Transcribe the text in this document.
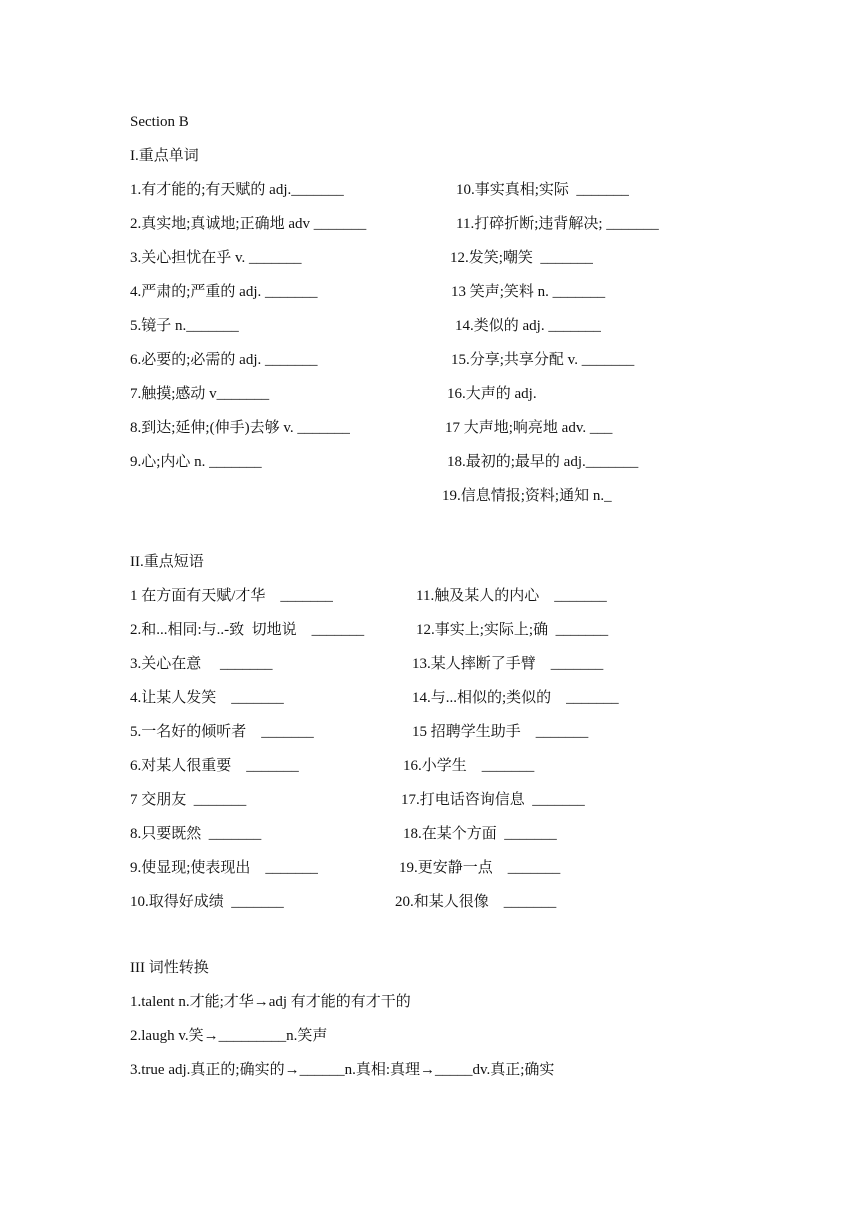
Section B
I.重点单词
1.有才能的;有天赋的 adj._______
2.真实地;真诚地;正确地 adv _______
3.关心担忧在乎 v. _______
4.严肃的;严重的 adj. _______
5.镜子 n._______
6.必要的;必需的 adj. _______
7.触摸;感动 v_______
8.到达;延伸;(伸手)去够 v. _______
9.心;内心 n. _______
10.事实真相;实际  _______
11.打碎折断;违背解决; _______
12.发笑;嘲笑  _______
13 笑声;笑料 n. _______
14.类似的 adj. _______
15.分享;共享分配 v. _______
16.大声的 adj.
17 大声地;响亮地 adv. ___
18.最初的;最早的 adj._______
19.信息情报;资料;通知 n._
II.重点短语
1 在方面有天赋/才华    _______
2.和...相同:与..-致  切地说    _______
3.关心在意     _______
4.让某人发笑    _______
5.一名好的倾听者    _______
6.对某人很重要    _______
7 交朋友  _______
8.只要既然  _______
9.使显现;使表现出    _______
10.取得好成绩  _______
11.触及某人的内心    _______
12.事实上;实际上;确  _______
13.某人摔断了手臂    _______
14.与...相似的;类似的    _______
15 招聘学生助手    _______
16.小学生    _______
17.打电话咨询信息  _______
18.在某个方面  _______
19.更安静一点    _______
20.和某人很像    _______
III 词性转换
1.talent n.才能;才华→adj 有才能的有才干的
2.laugh v.笑→_________n.笑声
3.true adj.真正的;确实的→______n.真相:真理→_____dv.真正;确实
